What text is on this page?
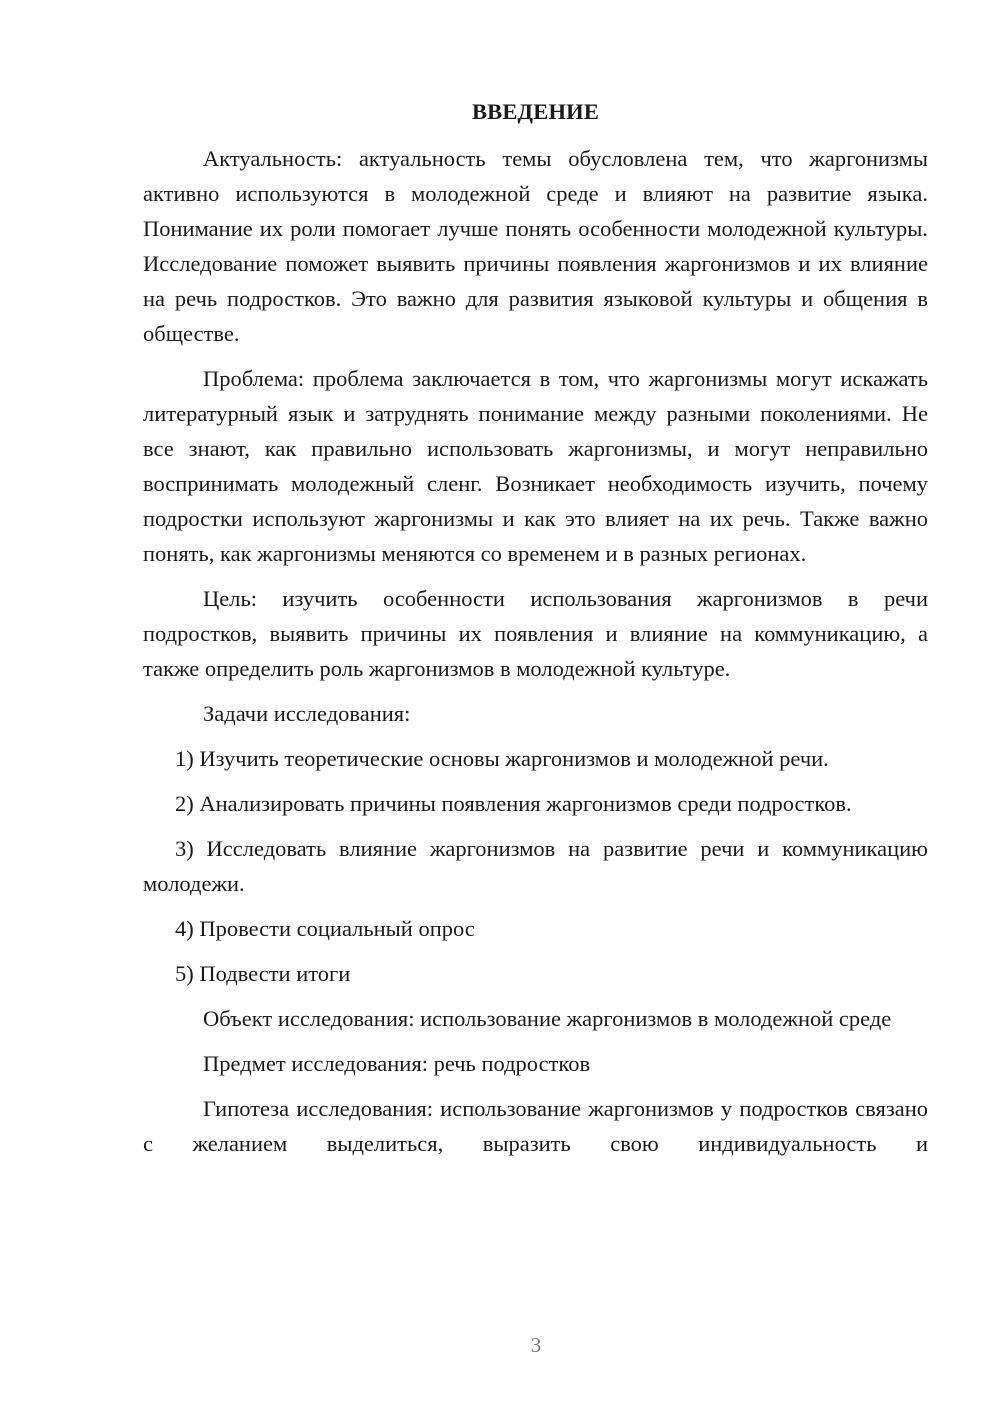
ВВЕДЕНИЕ

Актуальность: актуальность темы обусловлена тем, что жаргонизмы активно используются в молодежной среде и влияют на развитие языка. Понимание их роли помогает лучше понять особенности молодежной культуры. Исследование поможет выявить причины появления жаргонизмов и их влияние на речь подростков. Это важно для развития языковой культуры и общения в обществе.

Проблема: проблема заключается в том, что жаргонизмы могут искажать литературный язык и затруднять понимание между разными поколениями. Не все знают, как правильно использовать жаргонизмы, и могут неправильно воспринимать молодежный сленг. Возникает необходимость изучить, почему подростки используют жаргонизмы и как это влияет на их речь. Также важно понять, как жаргонизмы меняются со временем и в разных регионах.

Цель: изучить особенности использования жаргонизмов в речи подростков, выявить причины их появления и влияние на коммуникацию, а также определить роль жаргонизмов в молодежной культуре.

Задачи исследования:

1) Изучить теоретические основы жаргонизмов и молодежной речи.

2) Анализировать причины появления жаргонизмов среди подростков.

3) Исследовать влияние жаргонизмов на развитие речи и коммуникацию молодежи.

4) Провести социальный опрос

5) Подвести итоги

Объект исследования: использование жаргонизмов в молодежной среде

Предмет исследования: речь подростков

Гипотеза исследования: использование жаргонизмов у подростков связано с желанием выделиться, выразить свою индивидуальность и

3
